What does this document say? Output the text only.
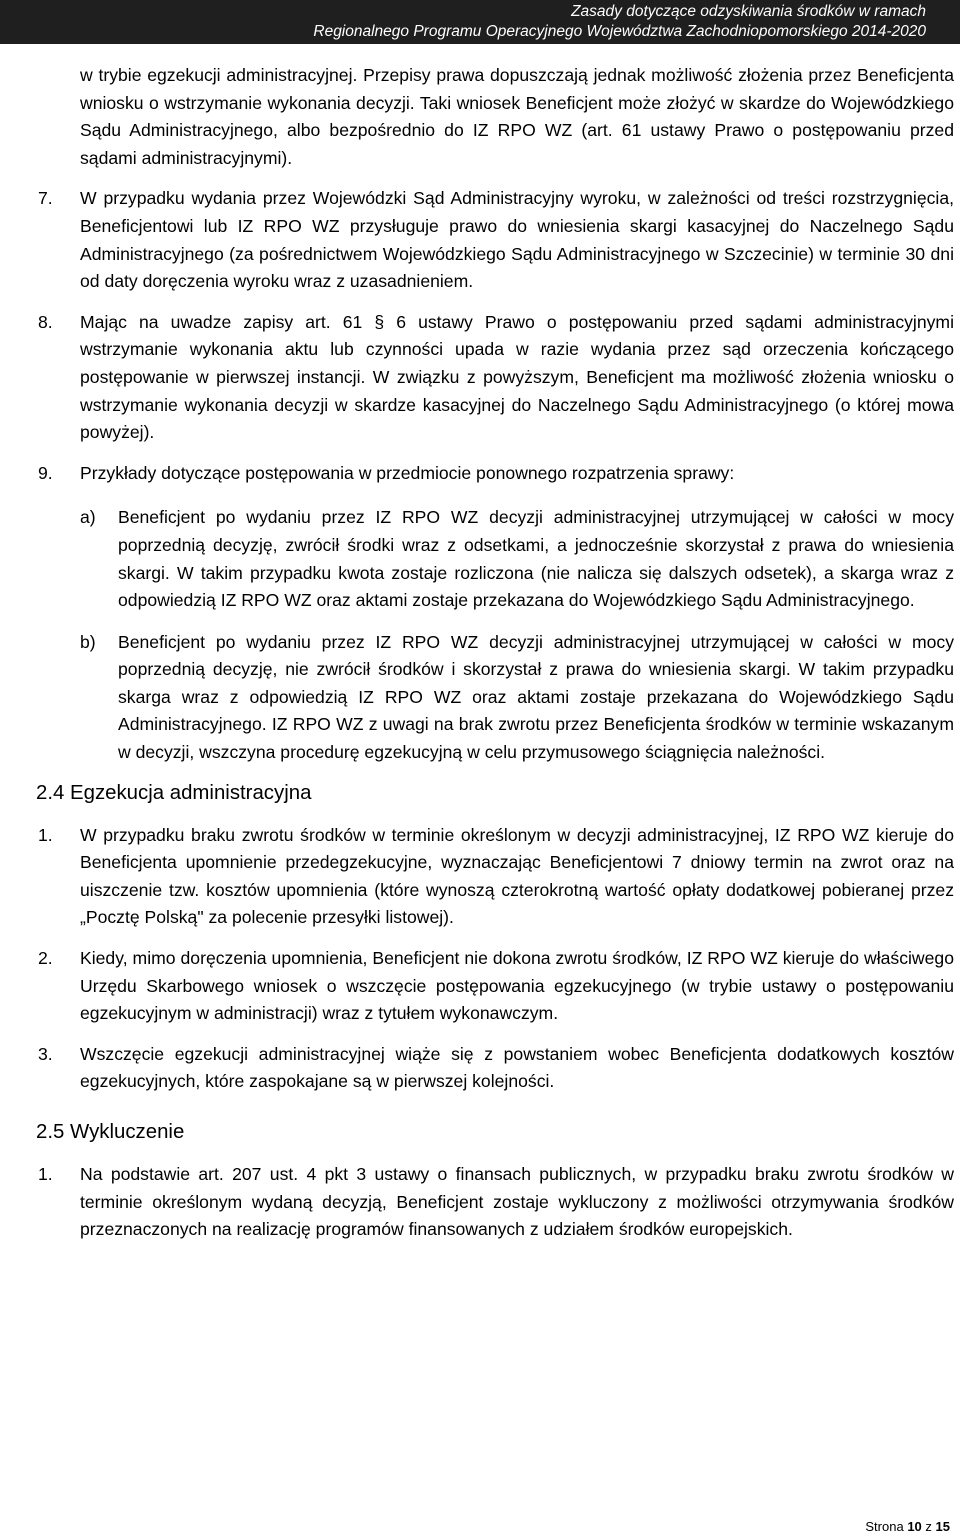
Zasady dotyczące odzyskiwania środków w ramach
Regionalnego Programu Operacyjnego Województwa Zachodniopomorskiego 2014-2020
w trybie egzekucji administracyjnej. Przepisy prawa dopuszczają jednak możliwość złożenia przez Beneficjenta wniosku o wstrzymanie wykonania decyzji. Taki wniosek Beneficjent może złożyć w skardze do Wojewódzkiego Sądu Administracyjnego, albo bezpośrednio do IZ RPO WZ (art. 61 ustawy Prawo o postępowaniu przed sądami administracyjnymi).
7. W przypadku wydania przez Wojewódzki Sąd Administracyjny wyroku, w zależności od treści rozstrzygnięcia, Beneficjentowi lub IZ RPO WZ przysługuje prawo do wniesienia skargi kasacyjnej do Naczelnego Sądu Administracyjnego (za pośrednictwem Wojewódzkiego Sądu Administracyjnego w Szczecinie) w terminie 30 dni od daty doręczenia wyroku wraz z uzasadnieniem.
8. Mając na uwadze zapisy art. 61 § 6 ustawy Prawo o postępowaniu przed sądami administracyjnymi wstrzymanie wykonania aktu lub czynności upada w razie wydania przez sąd orzeczenia kończącego postępowanie w pierwszej instancji. W związku z powyższym, Beneficjent ma możliwość złożenia wniosku o wstrzymanie wykonania decyzji w skardze kasacyjnej do Naczelnego Sądu Administracyjnego (o której mowa powyżej).
9. Przykłady dotyczące postępowania w przedmiocie ponownego rozpatrzenia sprawy:
a) Beneficjent po wydaniu przez IZ RPO WZ decyzji administracyjnej utrzymującej w całości w mocy poprzednią decyzję, zwrócił środki wraz z odsetkami, a jednocześnie skorzystał z prawa do wniesienia skargi. W takim przypadku kwota zostaje rozliczona (nie nalicza się dalszych odsetek), a skarga wraz z odpowiedzią IZ RPO WZ oraz aktami zostaje przekazana do Wojewódzkiego Sądu Administracyjnego.
b) Beneficjent po wydaniu przez IZ RPO WZ decyzji administracyjnej utrzymującej w całości w mocy poprzednią decyzję, nie zwrócił środków i skorzystał z prawa do wniesienia skargi. W takim przypadku skarga wraz z odpowiedzią IZ RPO WZ oraz aktami zostaje przekazana do Wojewódzkiego Sądu Administracyjnego. IZ RPO WZ z uwagi na brak zwrotu przez Beneficjenta środków w terminie wskazanym w decyzji, wszczyna procedurę egzekucyjną w celu przymusowego ściągnięcia należności.
2.4 Egzekucja administracyjna
1. W przypadku braku zwrotu środków w terminie określonym w decyzji administracyjnej, IZ RPO WZ kieruje do Beneficjenta upomnienie przedegzekucyjne, wyznaczając Beneficjentowi 7 dniowy termin na zwrot oraz na uiszczenie tzw. kosztów upomnienia (które wynoszą czterokrotną wartość opłaty dodatkowej pobieranej przez „Pocztę Polską" za polecenie przesyłki listowej).
2. Kiedy, mimo doręczenia upomnienia, Beneficjent nie dokona zwrotu środków, IZ RPO WZ kieruje do właściwego Urzędu Skarbowego wniosek o wszczęcie postępowania egzekucyjnego (w trybie ustawy o postępowaniu egzekucyjnym w administracji) wraz z tytułem wykonawczym.
3. Wszczęcie egzekucji administracyjnej wiąże się z powstaniem wobec Beneficjenta dodatkowych kosztów egzekucyjnych, które zaspokajane są w pierwszej kolejności.
2.5 Wykluczenie
1. Na podstawie art. 207 ust. 4 pkt 3 ustawy o finansach publicznych, w przypadku braku zwrotu środków w terminie określonym wydaną decyzją, Beneficjent zostaje wykluczony z możliwości otrzymywania środków przeznaczonych na realizację programów finansowanych z udziałem środków europejskich.
Strona 10 z 15
